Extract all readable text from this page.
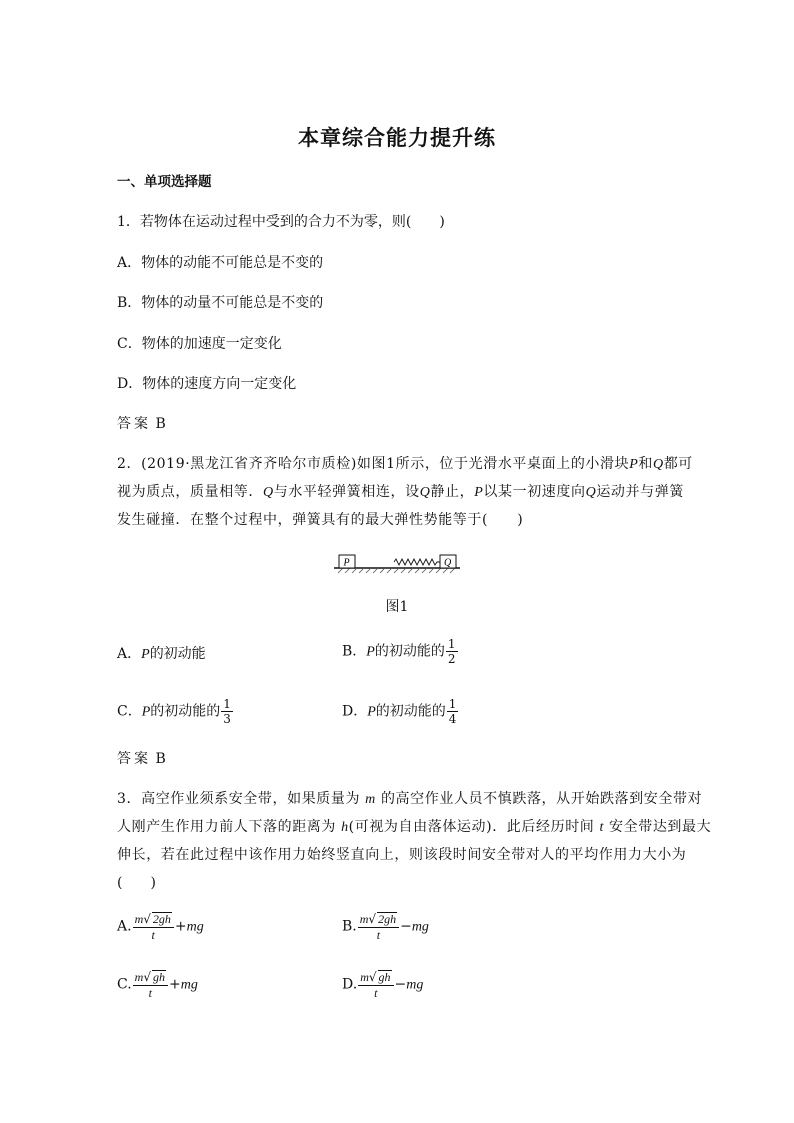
本章综合能力提升练
一、单项选择题
1．若物体在运动过程中受到的合力不为零，则(　　)
A．物体的动能不可能总是不变的
B．物体的动量不可能总是不变的
C．物体的加速度一定变化
D．物体的速度方向一定变化
答案 B
2．(2019·黑龙江省齐齐哈尔市质检)如图1所示，位于光滑水平桌面上的小滑块P和Q都可
视为质点，质量相等．Q与水平轻弹簧相连，设Q静止，P以某一初速度向Q运动并与弹簧
发生碰撞．在整个过程中，弹簧具有的最大弹性势能等于(　　)
P	Q
图1
A．P的初动能	B．P的初动能的 $\frac{1}{2}$
C．P的初动能的 $\frac{1}{3}$	D．P的初动能的 $\frac{1}{4}$
答案 B
3．高空作业须系安全带，如果质量为 m 的高空作业人员不慎跌落，从开始跌落到安全带对
人刚产生作用力前人下落的距离为 h(可视为自由落体运动)．此后经历时间 t 安全带达到最大
伸长，若在此过程中该作用力始终竖直向上，则该段时间安全带对人的平均作用力大小为
(　　)
A. $\frac{m√ 2gh}{t} +mg$	B. $\frac{m√ 2gh}{t} -mg$
C. $\frac{m√ gh}{t} +mg$	D. $\frac{m√ gh}{t} -mg$
